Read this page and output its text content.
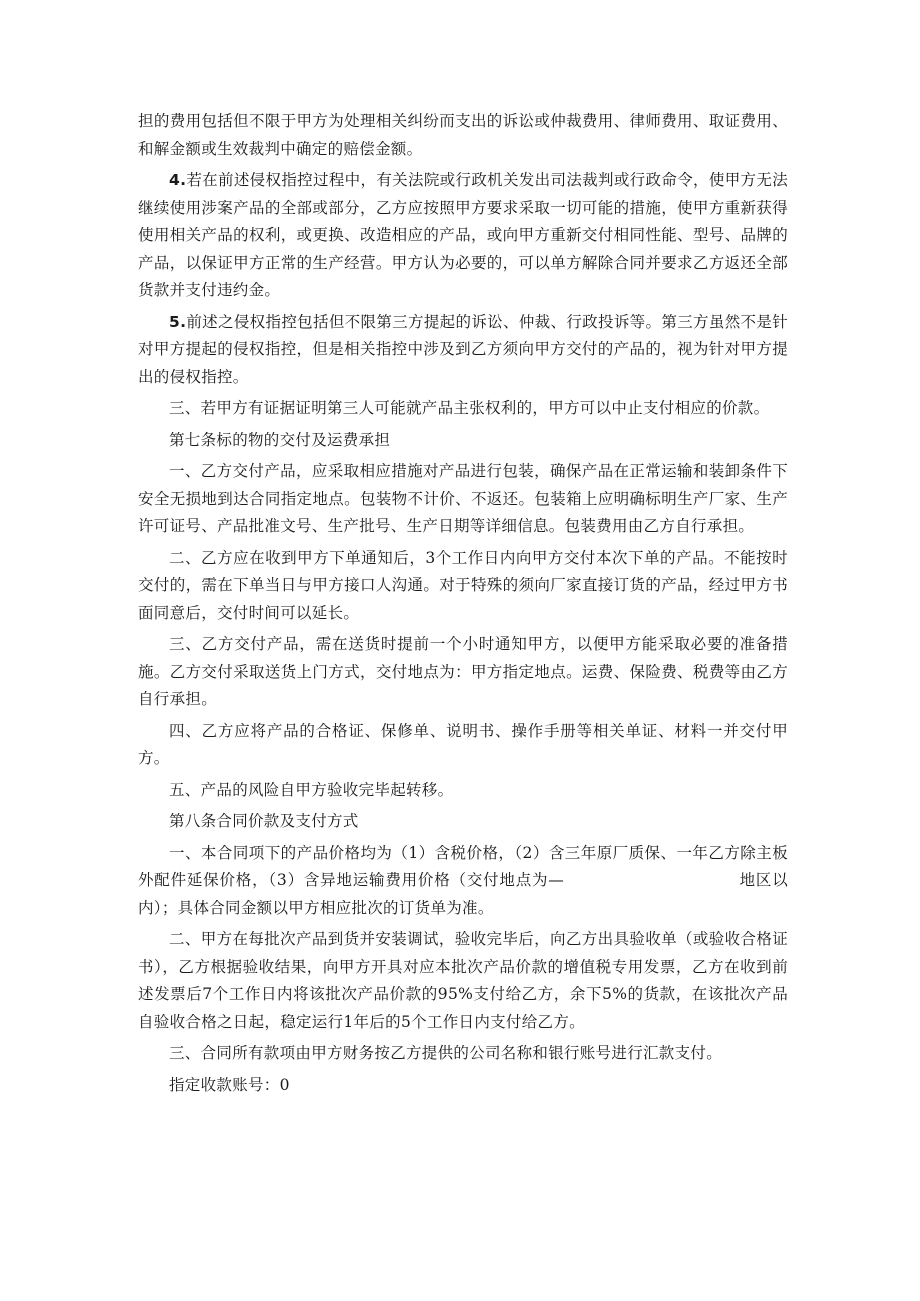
担的费用包括但不限于甲方为处理相关纠纷而支出的诉讼或仲裁费用、律师费用、取证费用、和解金额或生效裁判中确定的赔偿金额。

4.若在前述侵权指控过程中，有关法院或行政机关发出司法裁判或行政命令，使甲方无法继续使用涉案产品的全部或部分，乙方应按照甲方要求采取一切可能的措施，使甲方重新获得使用相关产品的权利，或更换、改造相应的产品，或向甲方重新交付相同性能、型号、品牌的产品，以保证甲方正常的生产经营。甲方认为必要的，可以单方解除合同并要求乙方返还全部货款并支付违约金。

5.前述之侵权指控包括但不限第三方提起的诉讼、仲裁、行政投诉等。第三方虽然不是针对甲方提起的侵权指控，但是相关指控中涉及到乙方须向甲方交付的产品的，视为针对甲方提出的侵权指控。

三、若甲方有证据证明第三人可能就产品主张权利的，甲方可以中止支付相应的价款。

第七条标的物的交付及运费承担

一、乙方交付产品，应采取相应措施对产品进行包装，确保产品在正常运输和装卸条件下安全无损地到达合同指定地点。包装物不计价、不返还。包装箱上应明确标明生产厂家、生产许可证号、产品批准文号、生产批号、生产日期等详细信息。包装费用由乙方自行承担。

二、乙方应在收到甲方下单通知后，3个工作日内向甲方交付本次下单的产品。不能按时交付的，需在下单当日与甲方接口人沟通。对于特殊的须向厂家直接订货的产品，经过甲方书面同意后，交付时间可以延长。

三、乙方交付产品，需在送货时提前一个小时通知甲方，以便甲方能采取必要的准备措施。乙方交付采取送货上门方式，交付地点为：甲方指定地点。运费、保险费、税费等由乙方自行承担。

四、乙方应将产品的合格证、保修单、说明书、操作手册等相关单证、材料一并交付甲方。

五、产品的风险自甲方验收完毕起转移。

第八条合同价款及支付方式

一、本合同项下的产品价格均为（1）含税价格，（2）含三年原厂质保、一年乙方除主板外配件延保价格，（3）含异地运输费用价格（交付地点为—	地区以内）；具体合同金额以甲方相应批次的订货单为准。

二、甲方在每批次产品到货并安装调试，验收完毕后，向乙方出具验收单（或验收合格证书），乙方根据验收结果，向甲方开具对应本批次产品价款的增值税专用发票，乙方在收到前述发票后7个工作日内将该批次产品价款的95%支付给乙方，余下5%的货款，在该批次产品自验收合格之日起，稳定运行1年后的5个工作日内支付给乙方。

三、合同所有款项由甲方财务按乙方提供的公司名称和银行账号进行汇款支付。

指定收款账号：0
